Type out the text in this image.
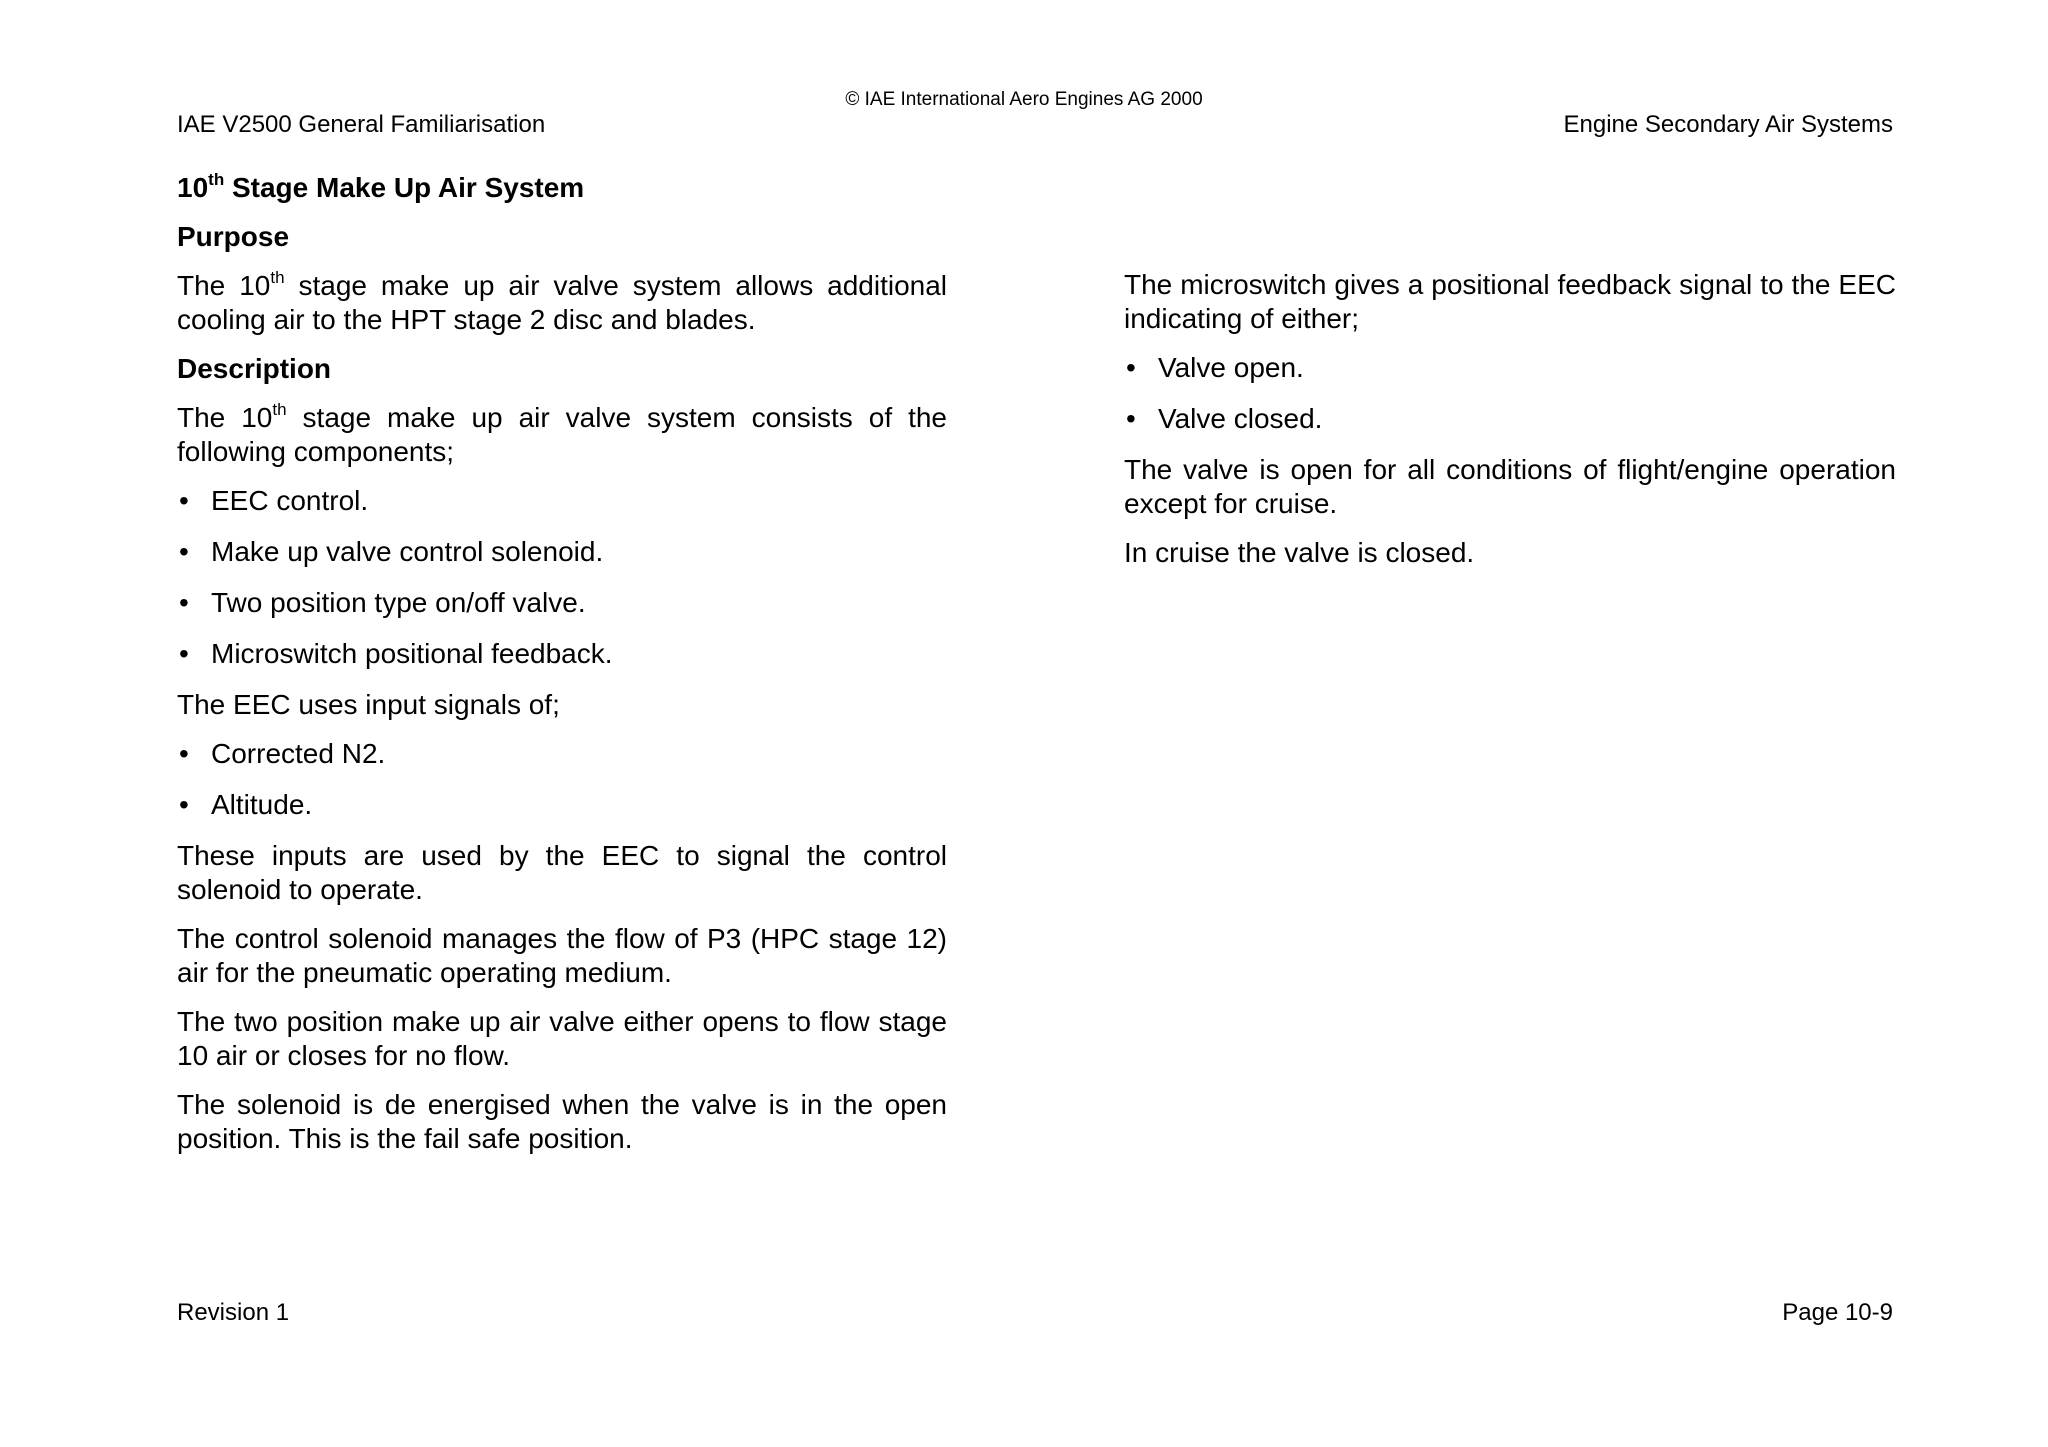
© IAE International Aero Engines AG 2000
IAE V2500 General Familiarisation	Engine Secondary Air Systems
10th Stage Make Up Air System
Purpose

The 10th stage make up air valve system allows additional cooling air to the HPT stage 2 disc and blades.

Description

The 10th stage make up air valve system consists of the following components;

• EEC control.
• Make up valve control solenoid.
• Two position type on/off valve.
• Microswitch positional feedback.

The EEC uses input signals of;

• Corrected N2.
• Altitude.

These inputs are used by the EEC to signal the control solenoid to operate.

The control solenoid manages the flow of P3 (HPC stage 12) air for the pneumatic operating medium.

The two position make up air valve either opens to flow stage 10 air or closes for no flow.

The solenoid is de energised when the valve is in the open position. This is the fail safe position.

The microswitch gives a positional feedback signal to the EEC indicating of either;

• Valve open.
• Valve closed.

The valve is open for all conditions of flight/engine operation except for cruise.

In cruise the valve is closed.

Revision 1	Page 10-9
